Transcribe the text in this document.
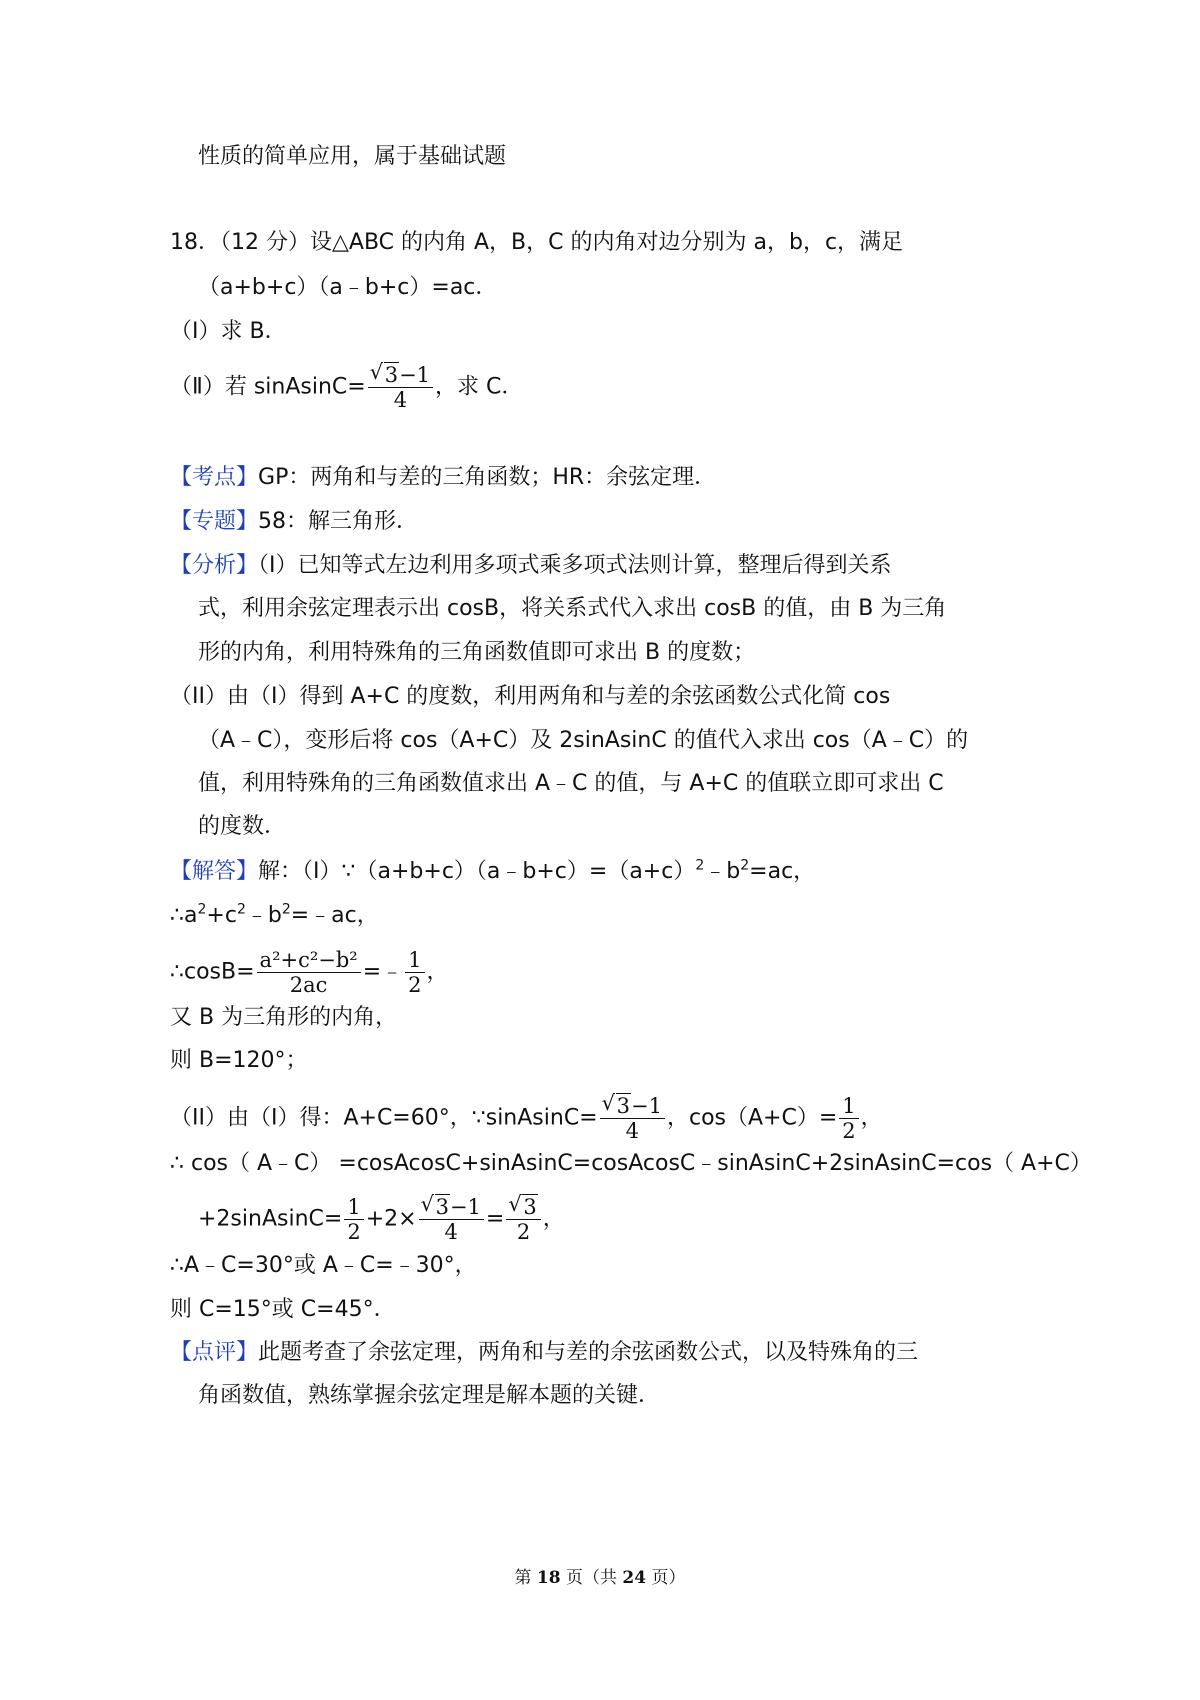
性质的简单应用，属于基础试题
18．（12 分）设△ABC 的内角 A，B，C 的内角对边分别为 a，b，c，满足
（a+b+c）（a﹣b+c）=ac．
（Ⅰ）求 B．
（Ⅱ）若 sinAsinC= √ $\frac{3-1}{4}$ ，求 C．
【考点】GP：两角和与差的三角函数；HR：余弦定理．
【专题】58：解三角形．
【分析】（I）已知等式左边利用多项式乘多项式法则计算，整理后得到关系
式，利用余弦定理表示出 cosB，将关系式代入求出 cosB 的值，由 B 为三角
形的内角，利用特殊角的三角函数值即可求出 B 的度数；
（II）由（I）得到 A+C 的度数，利用两角和与差的余弦函数公式化简 cos
（A﹣C），变形后将 cos（A+C）及 2sinAsinC 的值代入求出 cos（A﹣C）的
值，利用特殊角的三角函数值求出 A﹣C 的值，与 A+C 的值联立即可求出 C
的度数．
【解答】解：$(I)\because(a+b+c)(a﹣b+c)=(a+c)^2﹣b^2=ac$，
$\therefore a^2+c^2﹣b^2=﹣ac$，
∴cosB= $\frac{\text{a²+c²−b²}}{2ac}$ =﹣ $\frac{1}{2}$ ，
又 B 为三角形的内角，
则 B=120°；
（II）由（I）得：A+C=60°，∵sinAsinC= √ $\frac{3-1}{4}$ ，$\cos(A+C)= \frac{1}{2}$ ，
∴ cos（ A﹣C） =cosAcosC+sinAsinC=cosAcosC﹣sinAsinC+2sinAsinC=cos（ A+C）
+2sinAsinC= $\frac{1}{2} +2\times$ √ $\frac{3-1}{4}$ = √ $\frac{3}{2}$ ，
∴A﹣C=30°或 A﹣C=﹣30°，
则 C=15°或 C=45°．
【点评】此题考查了余弦定理，两角和与差的余弦函数公式，以及特殊角的三
角函数值，熟练掌握余弦定理是解本题的关键．
第 18 页（共 24 页）
